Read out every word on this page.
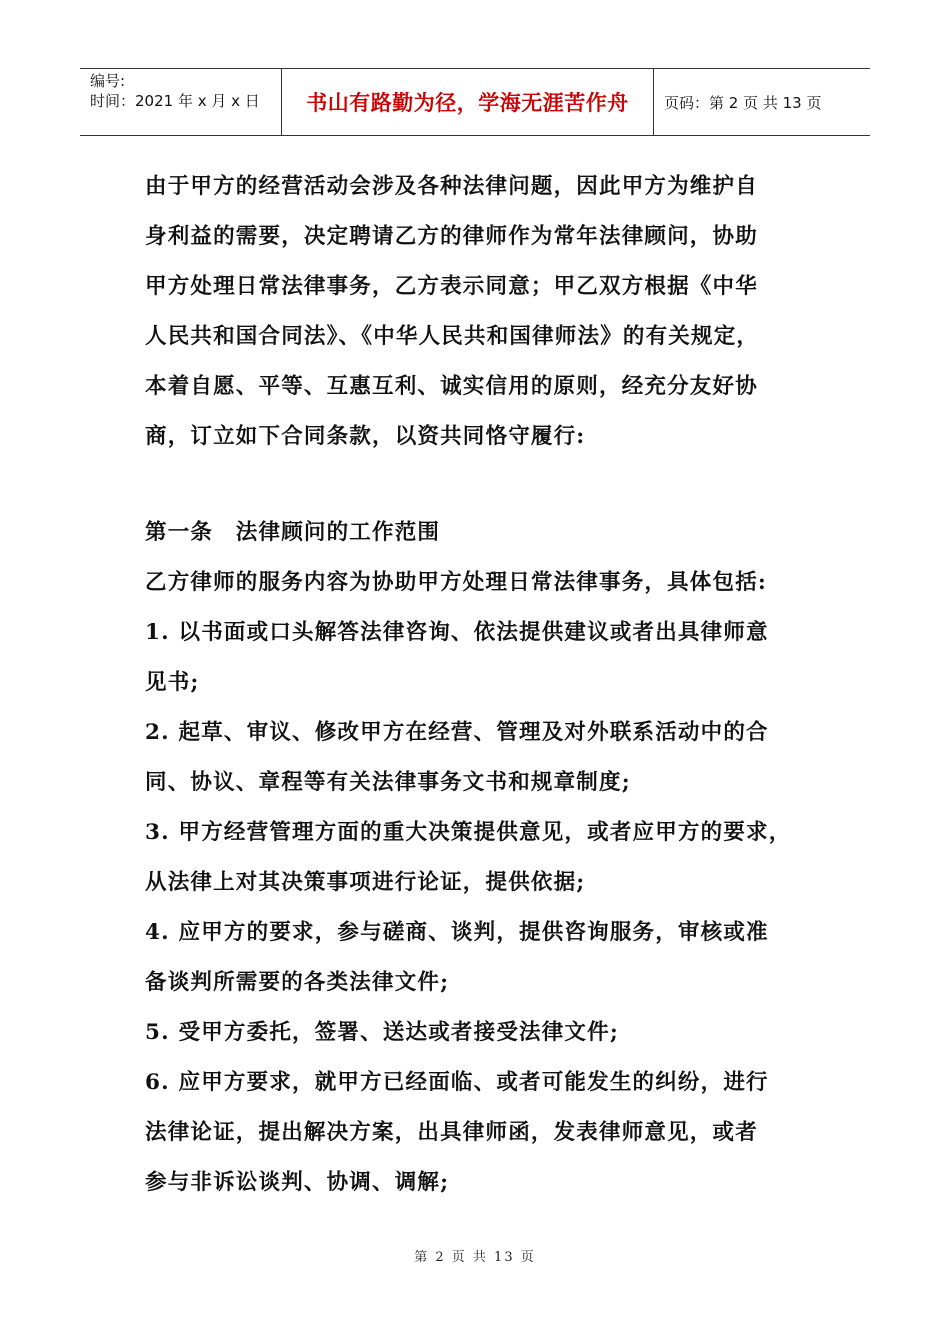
编号:
时间：2021 年 x 月 x 日	书山有路勤为径，学海无涯苦作舟	页码：第 2 页 共 13 页
由于甲方的经营活动会涉及各种法律问题，因此甲方为维护自
身利益的需要，决定聘请乙方的律师作为常年法律顾问，协助
甲方处理日常法律事务，乙方表示同意；甲乙双方根据《中华
人民共和国合同法》、《中华人民共和国律师法》的有关规定，
本着自愿、平等、互惠互利、诚实信用的原则，经充分友好协
商，订立如下合同条款，以资共同恪守履行:
第一条　法律顾问的工作范围
乙方律师的服务内容为协助甲方处理日常法律事务，具体包括:
1. 以书面或口头解答法律咨询、依法提供建议或者出具律师意
见书;
2. 起草、审议、修改甲方在经营、管理及对外联系活动中的合
同、协议、章程等有关法律事务文书和规章制度;
3. 甲方经营管理方面的重大决策提供意见，或者应甲方的要求，
从法律上对其决策事项进行论证，提供依据;
4. 应甲方的要求，参与磋商、谈判，提供咨询服务，审核或准
备谈判所需要的各类法律文件;
5. 受甲方委托，签署、送达或者接受法律文件;
6. 应甲方要求，就甲方已经面临、或者可能发生的纠纷，进行
法律论证，提出解决方案，出具律师函，发表律师意见，或者
参与非诉讼谈判、协调、调解;
第 2 页 共 13 页
